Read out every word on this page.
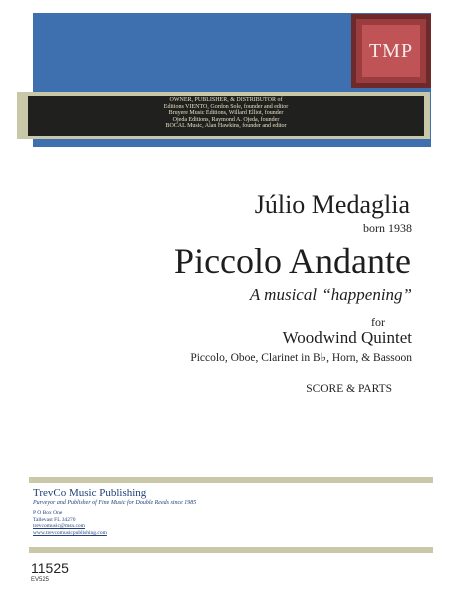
OWNER, PUBLISHER, & DISTRIBUTOR of
Editions VIENTO, Gordon Sole, founder and editor
Bruyere Music Editions, Willard Elliot, founder
Ojeda Editions, Raymond A. Ojeda, founder
BOCAL Music, Alan Hawkins, founder and editor
TMP
Júlio Medaglia
born 1938
Piccolo Andante
A musical “happening”
for
Woodwind Quintet
Piccolo, Oboe, Clarinet in B♭, Horn, & Bassoon
SCORE & PARTS
TrevCo Music Publishing
Purveyor and Publisher of Fine Music for Double Reeds since 1985
P O Box One
Tallevast FL 34270
trevcomusic@msn.com
www.trevcomusicpublishing.com
11525
EV525
